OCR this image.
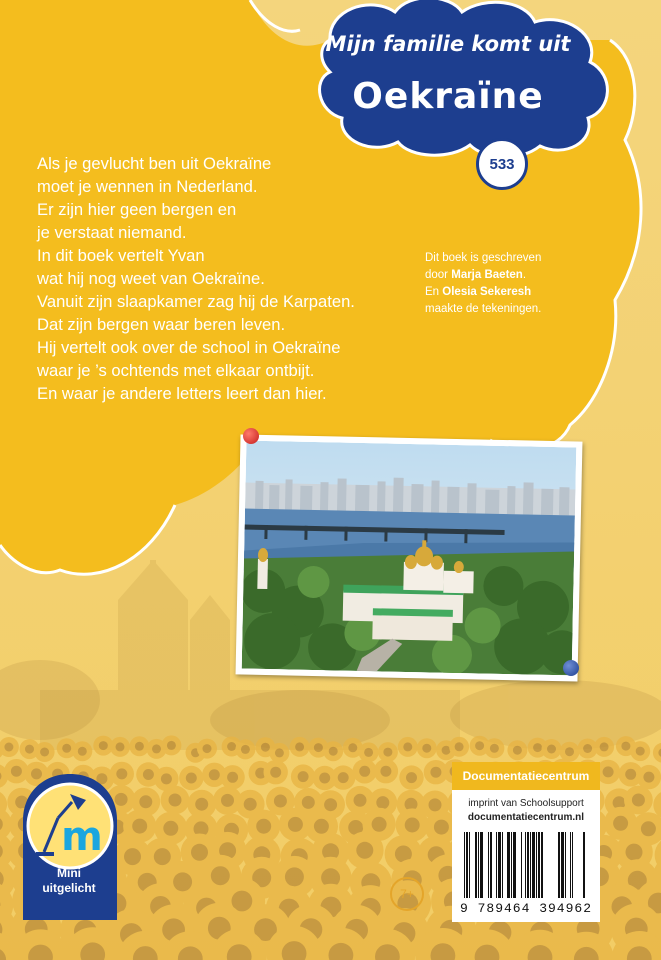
Mijn familie komt uit
Oekraïne
533
Als je gevlucht ben uit Oekraïne
moet je wennen in Nederland.
Er zijn hier geen bergen en
je verstaat niemand.
In dit boek vertelt Yvan
wat hij nog weet van Oekraïne.
Vanuit zijn slaapkamer zag hij de Karpaten.
Dat zijn bergen waar beren leven.
Hij vertelt ook over de school in Oekraïne
waar je ’s ochtends met elkaar ontbijt.
En waar je andere letters leert dan hier.
Dit boek is geschreven
door Marja Baeten.
En Olesia Sekeresh
maakte de tekeningen.
m
Mini
uitgelicht	7+
Documentatiecentrum
imprint van Schoolsupport
documentatiecentrum.nl
9 789464 394962
